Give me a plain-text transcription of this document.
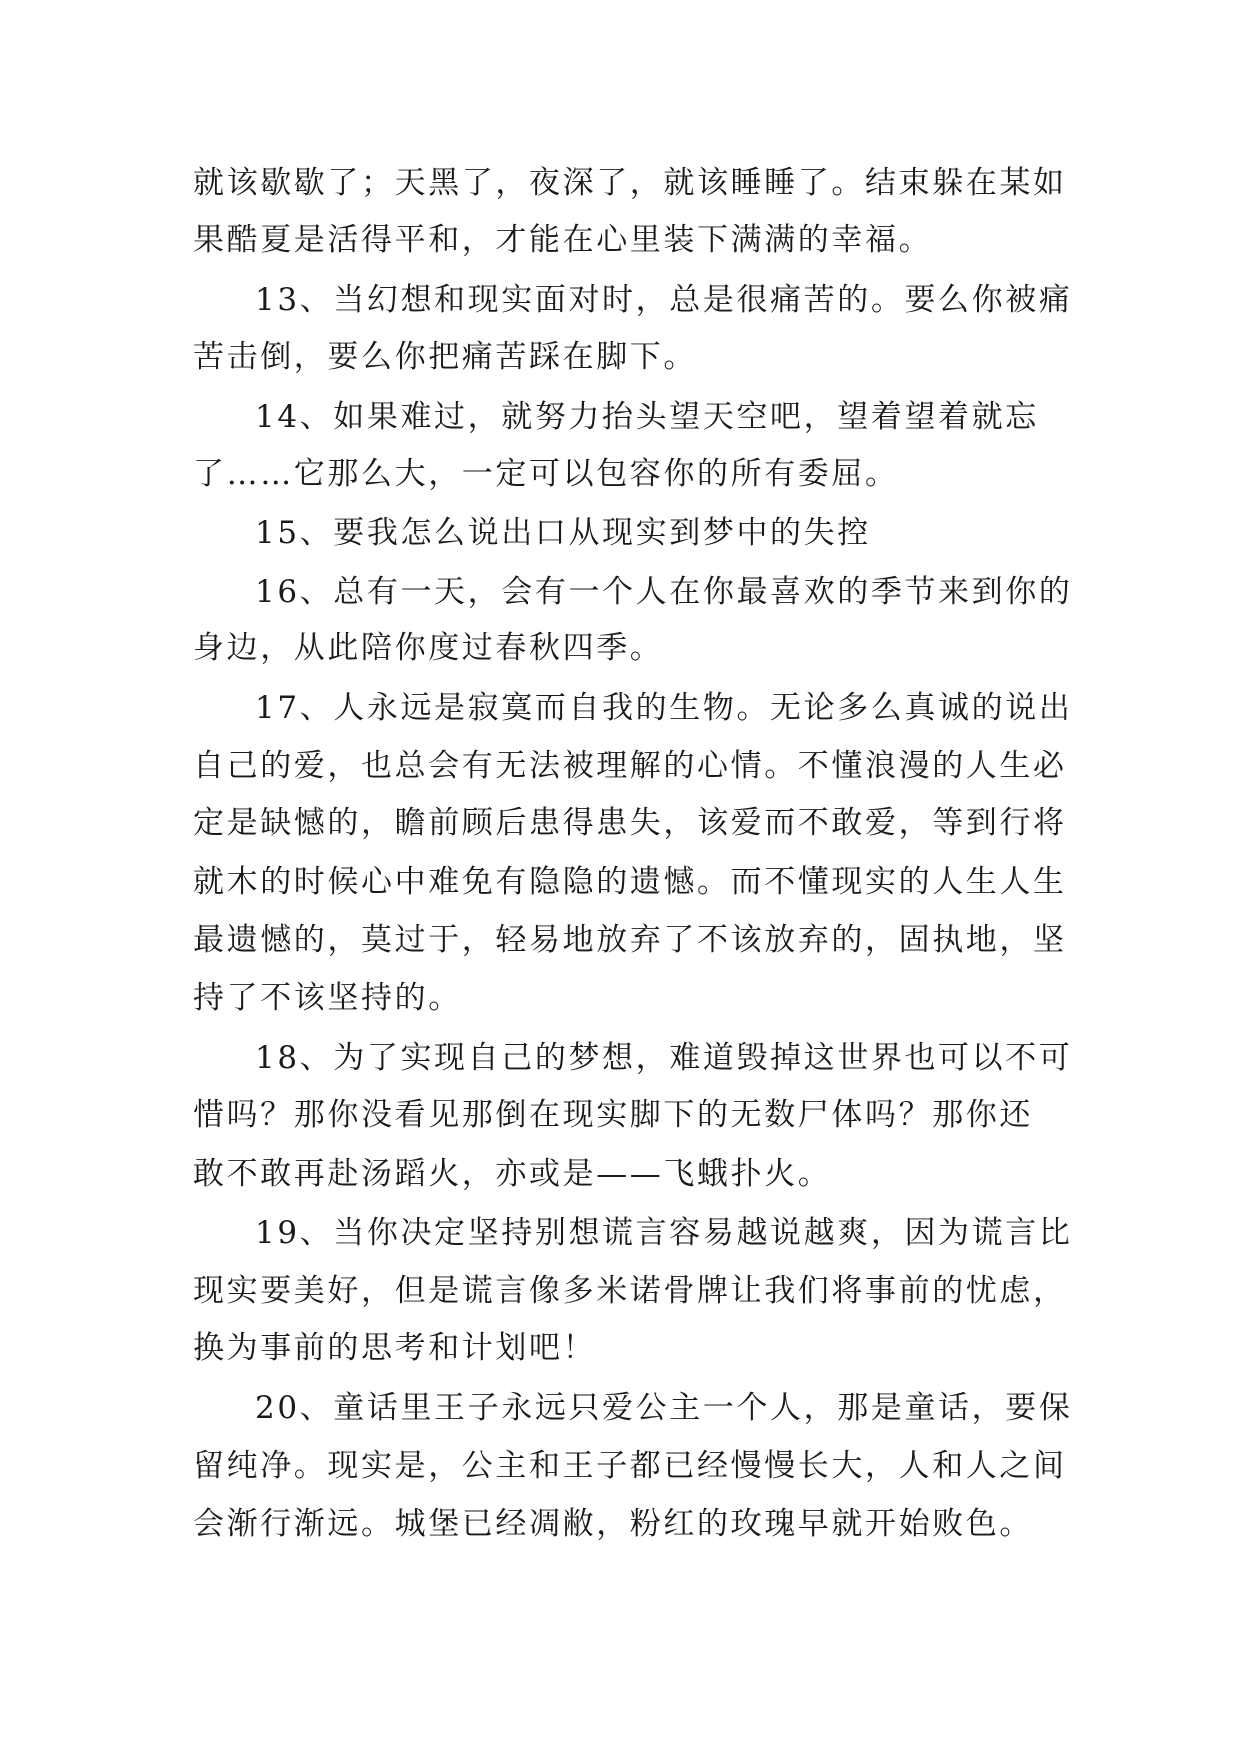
就该歇歇了；天黑了，夜深了，就该睡睡了。结束躲在某如
果酷夏是活得平和，才能在心里装下满满的幸福。
13、当幻想和现实面对时，总是很痛苦的。要么你被痛
苦击倒，要么你把痛苦踩在脚下。
14、如果难过，就努力抬头望天空吧，望着望着就忘
了……它那么大，一定可以包容你的所有委屈。
15、要我怎么说出口从现实到梦中的失控
16、总有一天，会有一个人在你最喜欢的季节来到你的
身边，从此陪你度过春秋四季。
17、人永远是寂寞而自我的生物。无论多么真诚的说出
自己的爱，也总会有无法被理解的心情。不懂浪漫的人生必
定是缺憾的，瞻前顾后患得患失，该爱而不敢爱，等到行将
就木的时候心中难免有隐隐的遗憾。而不懂现实的人生人生
最遗憾的，莫过于，轻易地放弃了不该放弃的，固执地，坚
持了不该坚持的。
18、为了实现自己的梦想，难道毁掉这世界也可以不可
惜吗？那你没看见那倒在现实脚下的无数尸体吗？那你还
敢不敢再赴汤蹈火，亦或是——飞蛾扑火。
19、当你决定坚持别想谎言容易越说越爽，因为谎言比
现实要美好，但是谎言像多米诺骨牌让我们将事前的忧虑，
换为事前的思考和计划吧！
20、童话里王子永远只爱公主一个人，那是童话，要保
留纯净。现实是，公主和王子都已经慢慢长大，人和人之间
会渐行渐远。城堡已经凋敝，粉红的玫瑰早就开始败色。
